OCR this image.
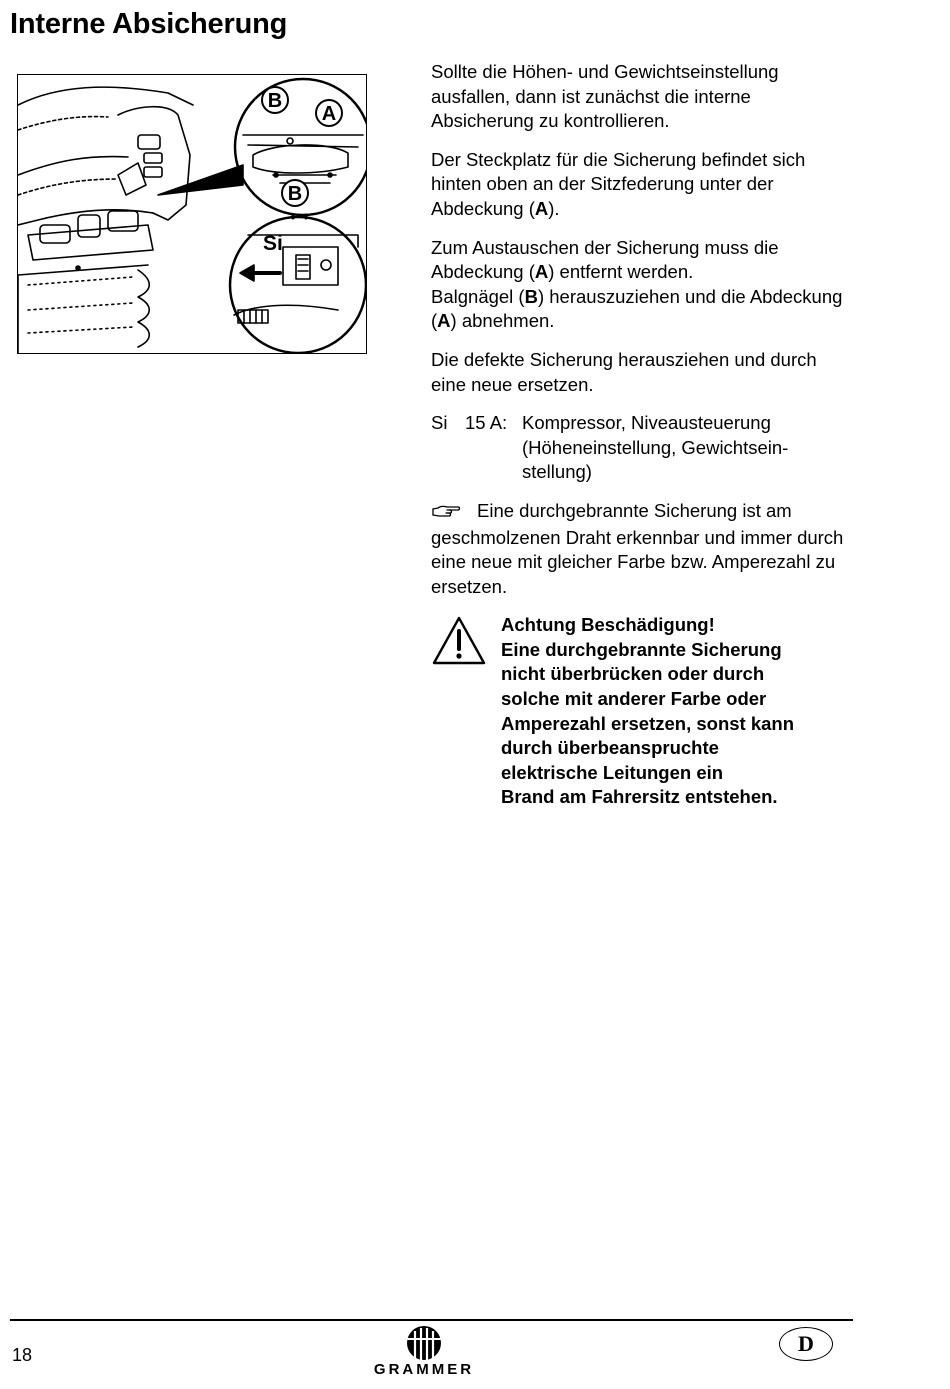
Interne Absicherung
B
A
B
Si

Sollte die Höhen- und Gewichtseinstellung ausfallen, dann ist zunächst die interne Absicherung zu kontrollieren.

Der Steckplatz für die Sicherung befindet sich hinten oben an der Sitzfederung unter der Abdeckung (A).

Zum Austauschen der Sicherung muss die Abdeckung (A) entfernt werden.

Balgnägel (B) herauszuziehen und die Abdeckung (A) abnehmen.

Die defekte Sicherung herausziehen und durch eine neue ersetzen.

Si 15 A: Kompressor, Niveausteuerung (Höheneinstellung, Gewichtsein-stellung)

Eine durchgebrannte Sicherung ist am geschmolzenen Draht erkennbar und immer durch eine neue mit gleicher Farbe bzw. Amperezahl zu ersetzen.

Achtung Beschädigung!
Eine durchgebrannte Sicherung
nicht überbrücken oder durch
solche mit anderer Farbe oder
Amperezahl ersetzen, sonst kann
durch überbeanspruchte
elektrische Leitungen ein
Brand am Fahrersitz entstehen.
18
GRAMMER
D
